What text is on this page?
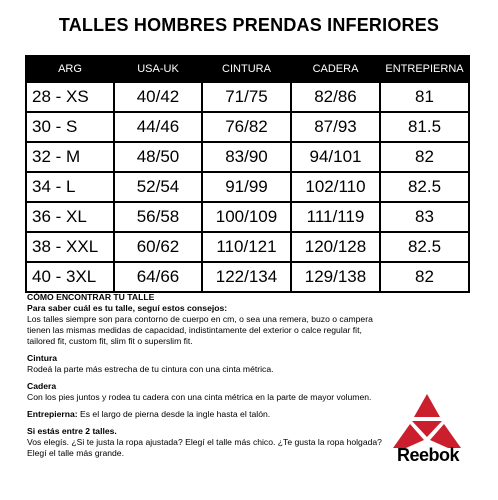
TALLES HOMBRES PRENDAS INFERIORES
ARG	USA-UK	CINTURA	CADERA	ENTREPIERNA
28 - XS	40/42	71/75	82/86	81
30 - S	44/46	76/82	87/93	81.5
32 - M	48/50	83/90	94/101	82
34 - L	52/54	91/99	102/110	82.5
36 - XL	56/58	100/109	111/119	83
38 - XXL	60/62	110/121	120/128	82.5
40 - 3XL	64/66	122/134	129/138	82
CÓMO ENCONTRAR TU TALLE
Para saber cuál es tu talle, seguí estos consejos:
Los talles siempre son para contorno de cuerpo en cm, o sea una remera, buzo o campera
tienen las mismas medidas de capacidad, indistintamente del exterior o calce regular fit,
tailored fit, custom fit, slim fit o superslim fit.
Cintura
Rodeá la parte más estrecha de tu cintura con una cinta métrica.
Cadera
Con los pies juntos y rodea tu cadera con una cinta métrica en la parte de mayor volumen.
Entrepierna: Es el largo de pierna desde la ingle hasta el talón.
Si estás entre 2 talles.
Vos elegís. ¿Si te justa la ropa ajustada? Elegí el talle más chico. ¿Te gusta la ropa holgada?
Elegí el talle más grande.	Reebok
